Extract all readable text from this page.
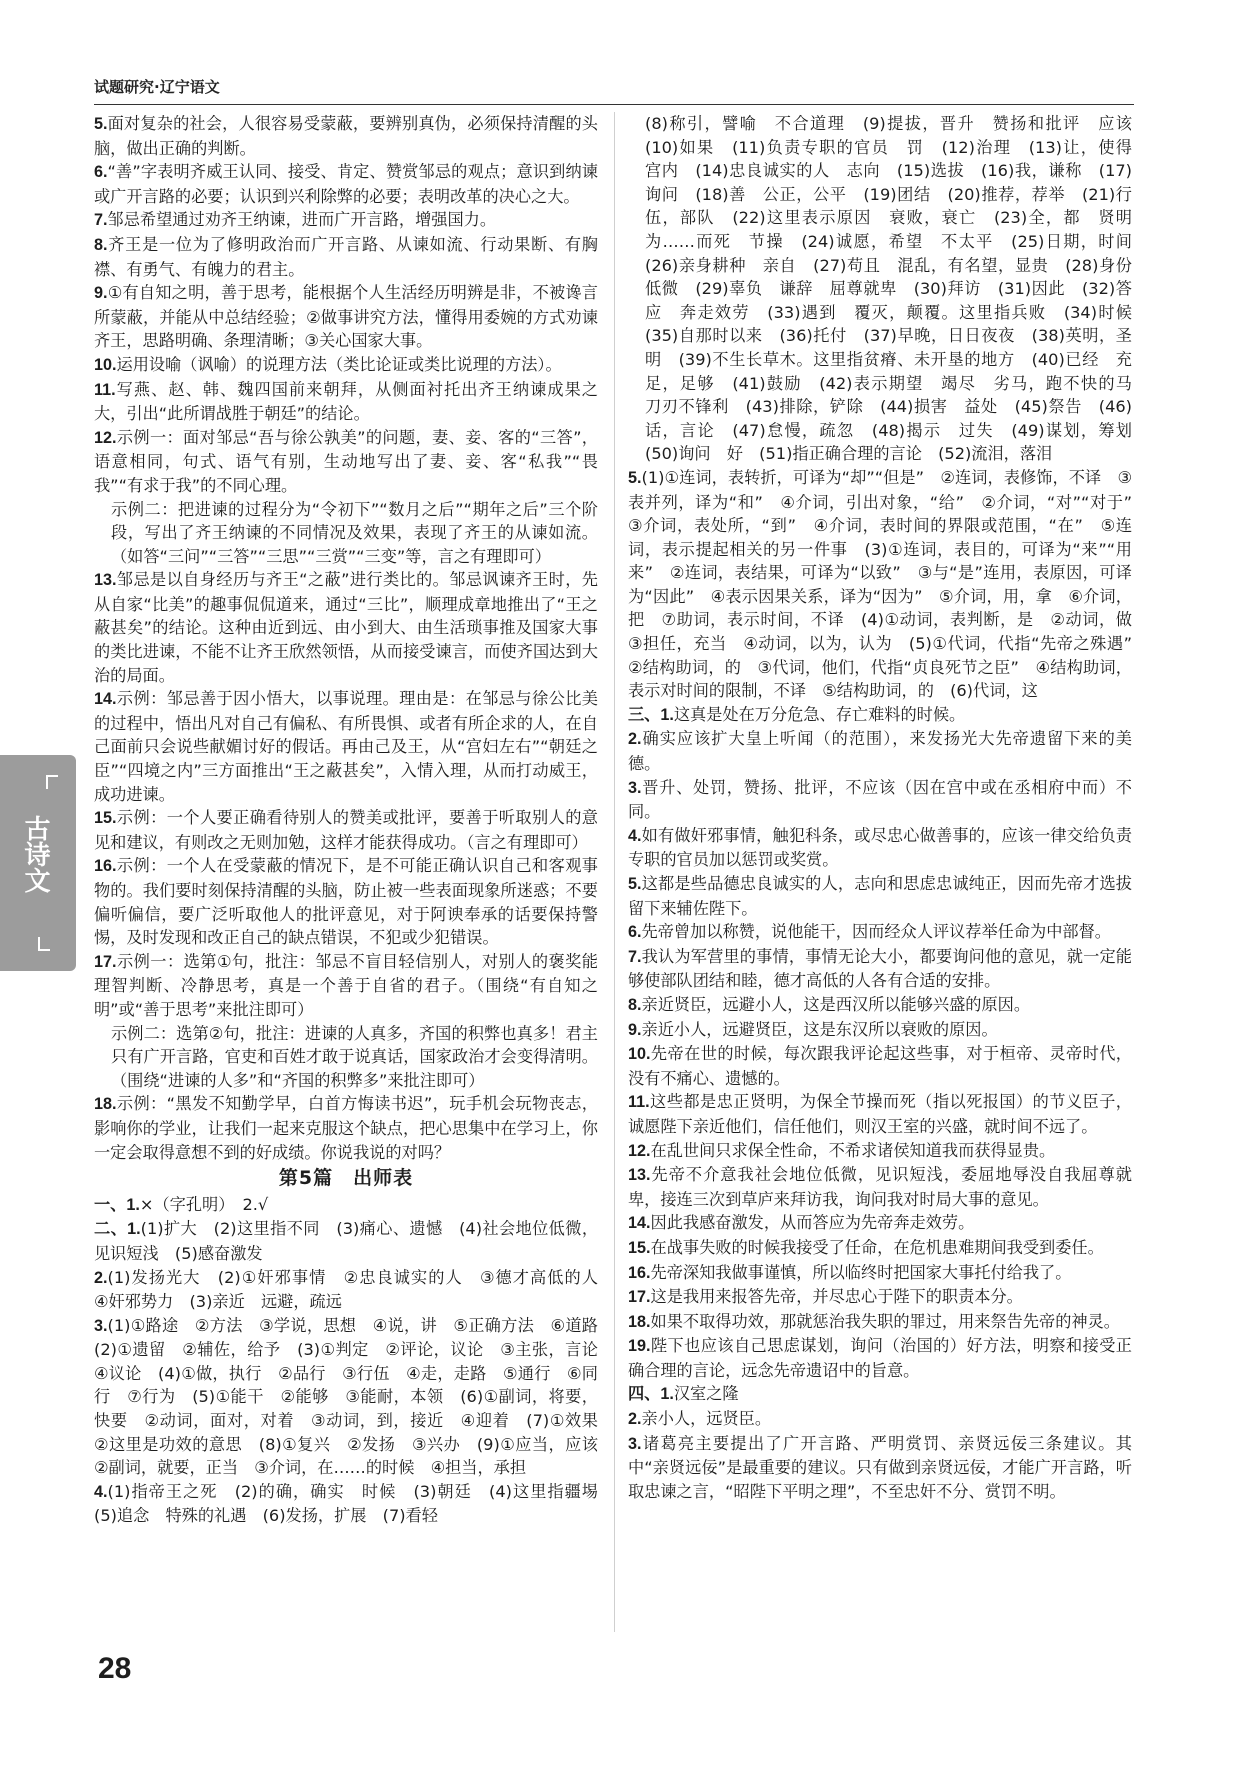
试题研究·辽宁语文
古诗文

5.面对复杂的社会，人很容易受蒙蔽，要辨别真伪，必须保持清醒的头脑，做出正确的判断。

6.“善”字表明齐威王认同、接受、肯定、赞赏邹忌的观点；意识到纳谏或广开言路的必要；认识到兴利除弊的必要；表明改革的决心之大。

7.邹忌希望通过劝齐王纳谏，进而广开言路，增强国力。

8.齐王是一位为了修明政治而广开言路、从谏如流、行动果断、有胸襟、有勇气、有魄力的君主。

9.①有自知之明，善于思考，能根据个人生活经历明辨是非，不被谗言所蒙蔽，并能从中总结经验；②做事讲究方法，懂得用委婉的方式劝谏齐王，思路明确、条理清晰；③关心国家大事。

10.运用设喻（讽喻）的说理方法（类比论证或类比说理的方法）。

11.写燕、赵、韩、魏四国前来朝拜，从侧面衬托出齐王纳谏成果之大，引出“此所谓战胜于朝廷”的结论。

12.示例一：面对邹忌“吾与徐公孰美”的问题，妻、妾、客的“三答”，语意相同，句式、语气有别，生动地写出了妻、妾、客“私我”“畏我”“有求于我”的不同心理。

示例二：把进谏的过程分为“令初下”“数月之后”“期年之后”三个阶段，写出了齐王纳谏的不同情况及效果，表现了齐王的从谏如流。（如答“三问”“三答”“三思”“三赏”“三变”等，言之有理即可）

13.邹忌是以自身经历与齐王“之蔽”进行类比的。邹忌讽谏齐王时，先从自家“比美”的趣事侃侃道来，通过“三比”，顺理成章地推出了“王之蔽甚矣”的结论。这种由近到远、由小到大、由生活琐事推及国家大事的类比进谏，不能不让齐王欣然领悟，从而接受谏言，而使齐国达到大治的局面。

14.示例：邹忌善于因小悟大，以事说理。理由是：在邹忌与徐公比美的过程中，悟出凡对自己有偏私、有所畏惧、或者有所企求的人，在自己面前只会说些献媚讨好的假话。再由己及王，从“宫妇左右”“朝廷之臣”“四境之内”三方面推出“王之蔽甚矣”，入情入理，从而打动威王，成功进谏。

15.示例：一个人要正确看待别人的赞美或批评，要善于听取别人的意见和建议，有则改之无则加勉，这样才能获得成功。（言之有理即可）

16.示例：一个人在受蒙蔽的情况下，是不可能正确认识自己和客观事物的。我们要时刻保持清醒的头脑，防止被一些表面现象所迷惑；不要偏听偏信，要广泛听取他人的批评意见，对于阿谀奉承的话要保持警惕，及时发现和改正自己的缺点错误，不犯或少犯错误。

17.示例一：选第①句，批注：邹忌不盲目轻信别人，对别人的褒奖能理智判断、冷静思考，真是一个善于自省的君子。（围绕“有自知之明”或“善于思考”来批注即可）

示例二：选第②句，批注：进谏的人真多，齐国的积弊也真多！君主只有广开言路，官吏和百姓才敢于说真话，国家政治才会变得清明。（围绕“进谏的人多”和“齐国的积弊多”来批注即可）

18.示例：“黑发不知勤学早，白首方悔读书迟”，玩手机会玩物丧志，影响你的学业，让我们一起来克服这个缺点，把心思集中在学习上，你一定会取得意想不到的好成绩。你说我说的对吗？

第5篇　出师表

一、1.×（字孔明）　2.√

二、1.(1)扩大　(2)这里指不同　(3)痛心、遗憾　(4)社会地位低微，见识短浅　(5)感奋激发

2.(1)发扬光大　(2)①奸邪事情　②忠良诚实的人　③德才高低的人　④奸邪势力　(3)亲近　远避，疏远

3.(1)①路途　②方法　③学说，思想　④说，讲　⑤正确方法　⑥道路　(2)①遗留　②辅佐，给予　(3)①判定　②评论，议论　③主张，言论　④议论　(4)①做，执行　②品行　③行伍　④走，走路　⑤通行　⑥同行　⑦行为　(5)①能干　②能够　③能耐，本领　(6)①副词，将要，快要　②动词，面对，对着　③动词，到，接近　④迎着　(7)①效果　②这里是功效的意思　(8)①复兴　②发扬　③兴办　(9)①应当，应该　②副词，就要，正当　③介词，在……的时候　④担当，承担

4.(1)指帝王之死　(2)的确，确实　时候　(3)朝廷　(4)这里指疆埸　(5)追念　特殊的礼遇　(6)发扬，扩展　(7)看轻

(8)称引，譬喻　不合道理　(9)提拔，晋升　赞扬和批评　应该　(10)如果　(11)负责专职的官员　罚　(12)治理　(13)让，使得　宫内　(14)忠良诚实的人　志向　(15)选拔　(16)我，谦称　(17)询问　(18)善　公正，公平　(19)团结　(20)推荐，荐举　(21)行伍，部队　(22)这里表示原因　衰败，衰亡　(23)全，都　贤明　为……而死　节操　(24)诚愿，希望　不太平　(25)日期，时间　(26)亲身耕种　亲自　(27)苟且　混乱，有名望，显贵　(28)身份低微　(29)辜负　谦辞　屈尊就卑　(30)拜访　(31)因此　(32)答应　奔走效劳　(33)遇到　覆灭，颠覆。这里指兵败　(34)时候　(35)自那时以来　(36)托付　(37)早晚，日日夜夜　(38)英明，圣明　(39)不生长草木。这里指贫瘠、未开垦的地方　(40)已经　充足，足够　(41)鼓励　(42)表示期望　竭尽　劣马，跑不快的马　刀刃不锋利　(43)排除，铲除　(44)损害　益处　(45)祭告　(46)话，言论　(47)怠慢，疏忽　(48)揭示　过失　(49)谋划，筹划　(50)询问　好　(51)指正确合理的言论　(52)流泪，落泪

5.(1)①连词，表转折，可译为“却”“但是”　②连词，表修饰，不译　③表并列，译为“和”　④介词，引出对象，“给”　②介词，“对”“对于”　③介词，表处所，“到”　④介词，表时间的界限或范围，“在”　⑤连词，表示提起相关的另一件事　(3)①连词，表目的，可译为“来”“用来”　②连词，表结果，可译为“以致”　③与“是”连用，表原因，可译为“因此”　④表示因果关系，译为“因为”　⑤介词，用，拿　⑥介词，把　⑦助词，表示时间，不译　(4)①动词，表判断，是　②动词，做　③担任，充当　④动词，以为，认为　(5)①代词，代指“先帝之殊遇”　②结构助词，的　③代词，他们，代指“贞良死节之臣”　④结构助词，表示对时间的限制，不译　⑤结构助词，的　(6)代词，这

三、1.这真是处在万分危急、存亡难料的时候。

2.确实应该扩大皇上听闻（的范围），来发扬光大先帝遗留下来的美德。

3.晋升、处罚，赞扬、批评，不应该（因在宫中或在丞相府中而）不同。

4.如有做奸邪事情，触犯科条，或尽忠心做善事的，应该一律交给负责专职的官员加以惩罚或奖赏。

5.这都是些品德忠良诚实的人，志向和思虑忠诚纯正，因而先帝才选拔留下来辅佐陛下。

6.先帝曾加以称赞，说他能干，因而经众人评议荐举任命为中部督。

7.我认为军营里的事情，事情无论大小，都要询问他的意见，就一定能够使部队团结和睦，德才高低的人各有合适的安排。

8.亲近贤臣，远避小人，这是西汉所以能够兴盛的原因。

9.亲近小人，远避贤臣，这是东汉所以衰败的原因。

10.先帝在世的时候，每次跟我评论起这些事，对于桓帝、灵帝时代，没有不痛心、遗憾的。

11.这些都是忠正贤明，为保全节操而死（指以死报国）的节义臣子，诚愿陛下亲近他们，信任他们，则汉王室的兴盛，就时间不远了。

12.在乱世间只求保全性命，不希求诸侯知道我而获得显贵。

13.先帝不介意我社会地位低微，见识短浅，委屈地辱没自我屈尊就卑，接连三次到草庐来拜访我，询问我对时局大事的意见。

14.因此我感奋激发，从而答应为先帝奔走效劳。

15.在战事失败的时候我接受了任命，在危机患难期间我受到委任。

16.先帝深知我做事谨慎，所以临终时把国家大事托付给我了。

17.这是我用来报答先帝，并尽忠心于陛下的职责本分。

18.如果不取得功效，那就惩治我失职的罪过，用来祭告先帝的神灵。

19.陛下也应该自己思虑谋划，询问（治国的）好方法，明察和接受正确合理的言论，远念先帝遗诏中的旨意。

四、1.汉室之隆

2.亲小人，远贤臣。

3.诸葛亮主要提出了广开言路、严明赏罚、亲贤远佞三条建议。其中“亲贤远佞”是最重要的建议。只有做到亲贤远佞，才能广开言路，听取忠谏之言，“昭陛下平明之理”，不至忠奸不分、赏罚不明。

28
